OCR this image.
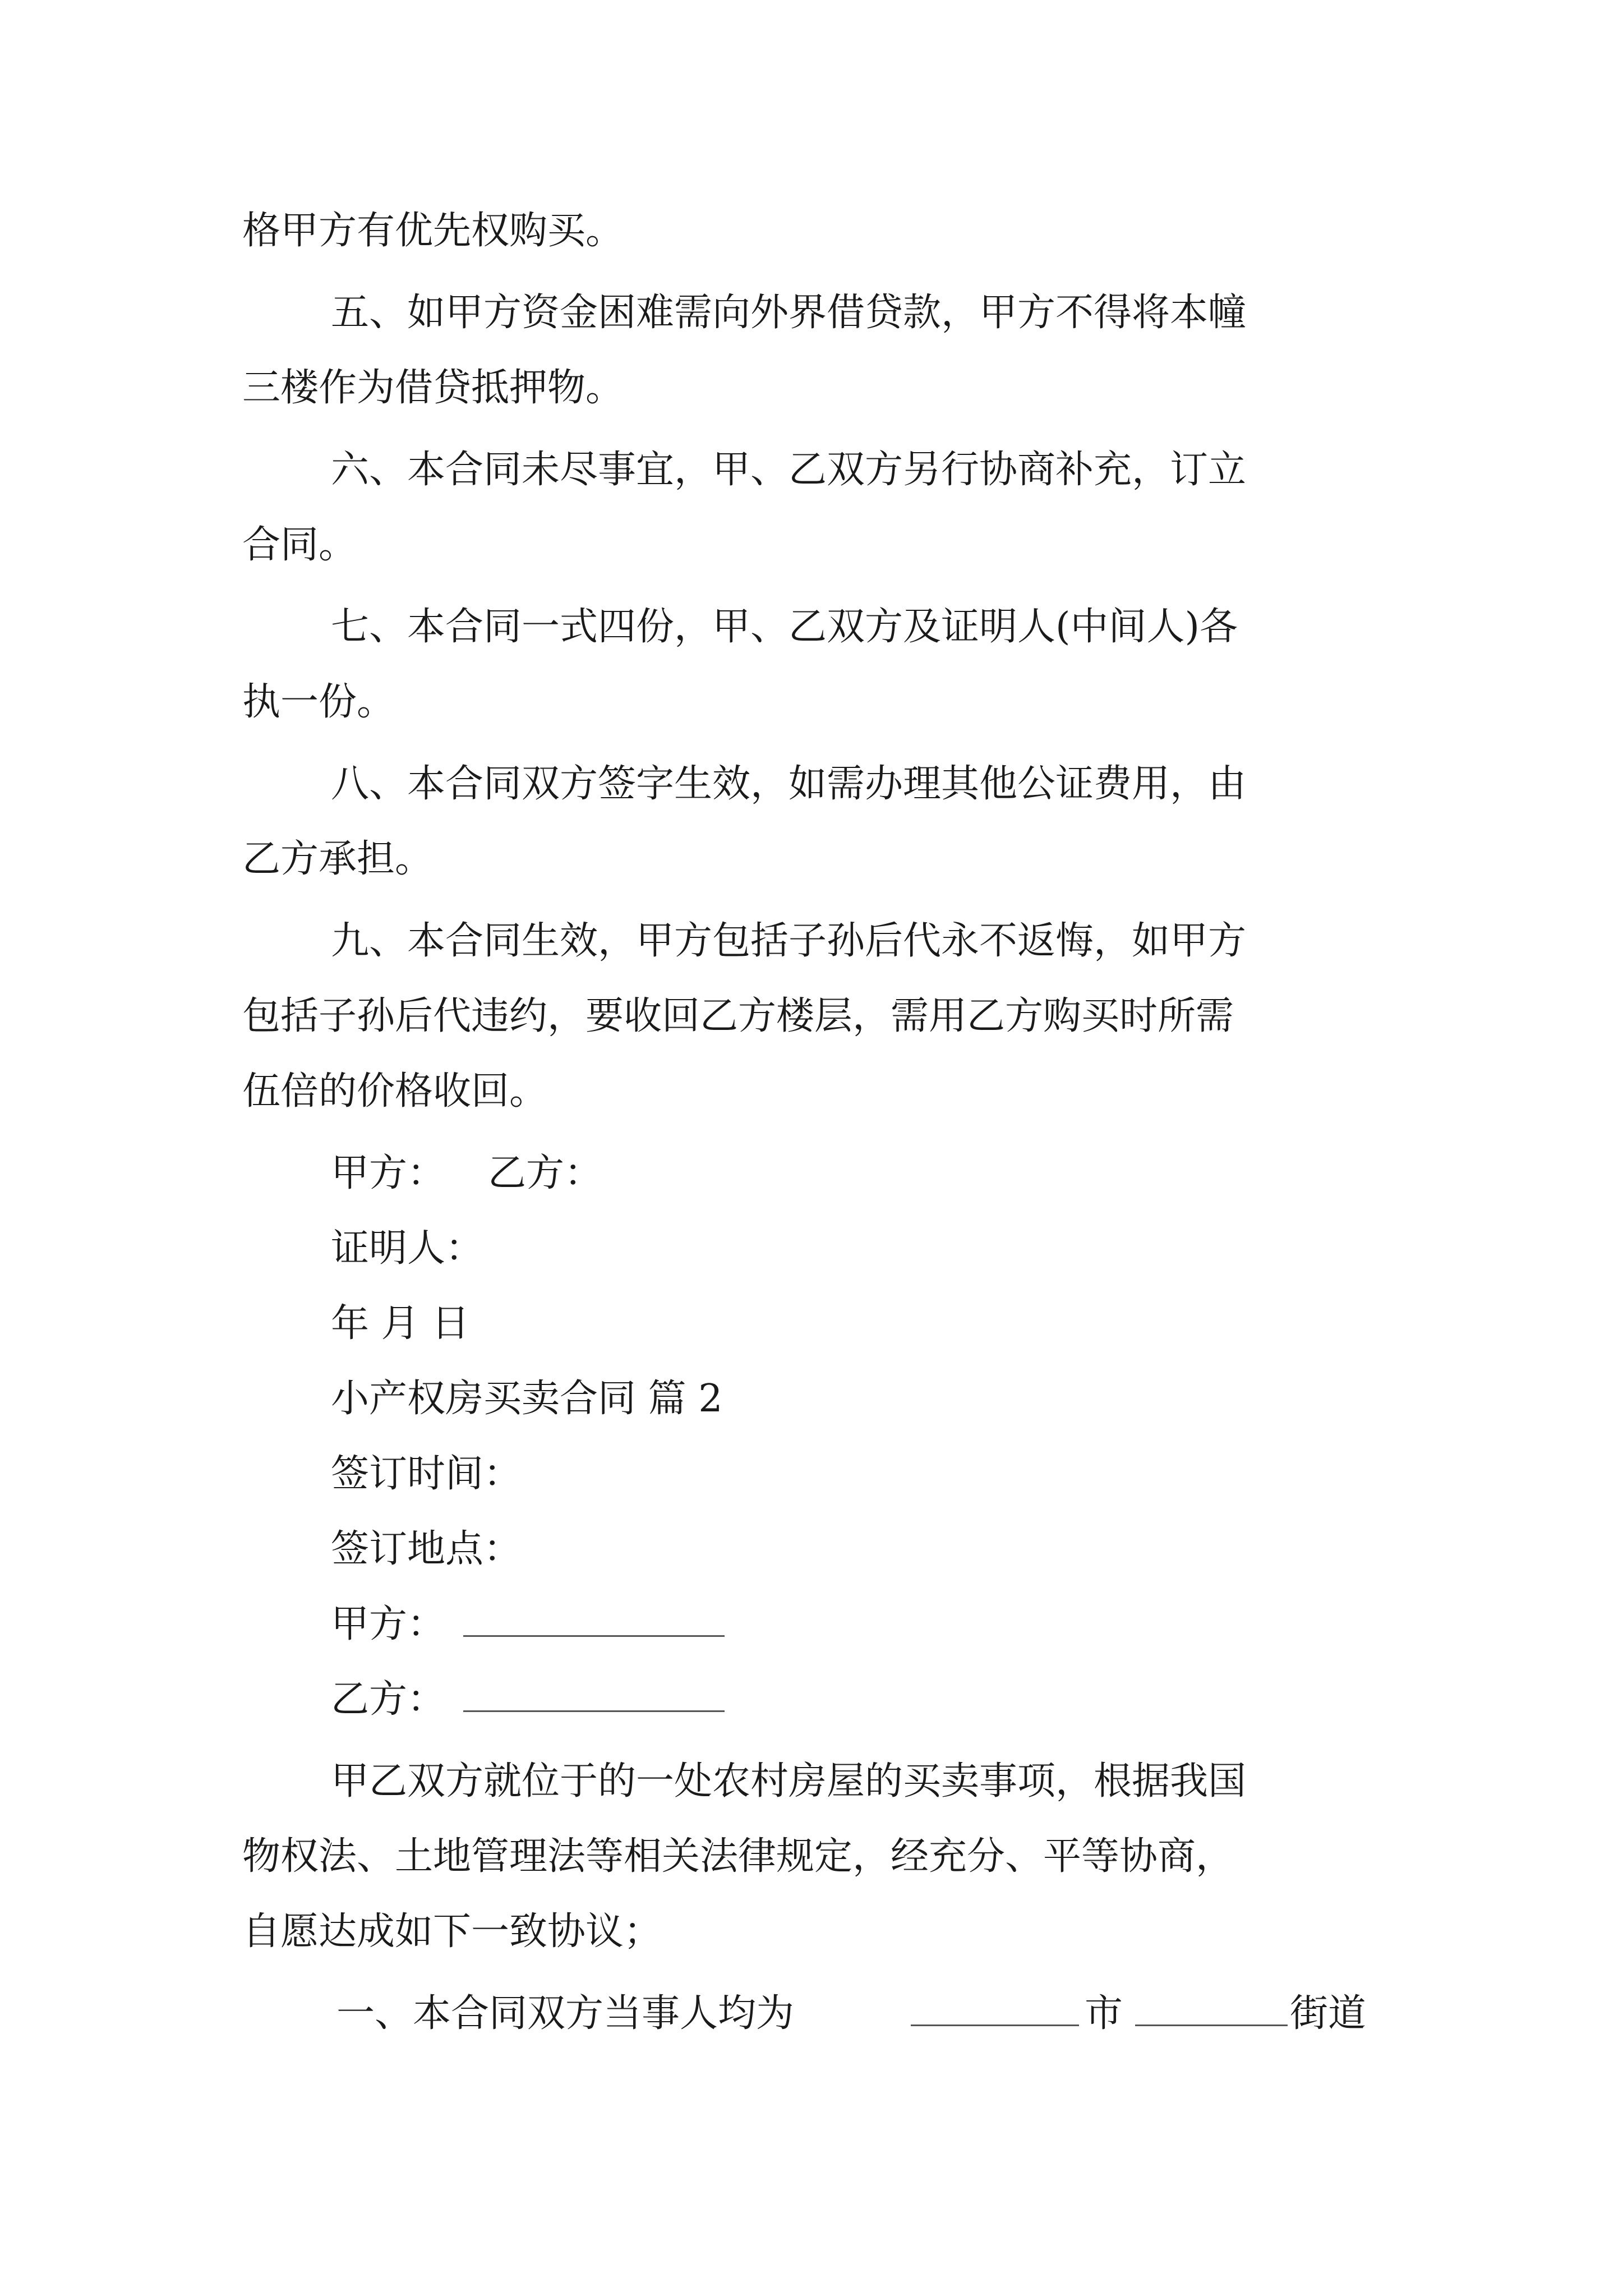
格甲方有优先权购买。
五、如甲方资金困难需向外界借贷款，甲方不得将本幢
三楼作为借贷抵押物。
六、本合同未尽事宜，甲、乙双方另行协商补充，订立
合同。
七、本合同一式四份，甲、乙双方及证明人(中间人)各
执一份。
八、本合同双方签字生效，如需办理其他公证费用，由
乙方承担。
九、本合同生效，甲方包括子孙后代永不返悔，如甲方
包括子孙后代违约，要收回乙方楼层，需用乙方购买时所需
伍倍的价格收回。
甲方： 乙方：
证明人：
年 月 日
小产权房买卖合同 篇 2
签订时间：
签订地点：
甲方：
乙方：
甲乙双方就位于的一处农村房屋的买卖事项，根据我国
物权法、土地管理法等相关法律规定，经充分、平等协商，
自愿达成如下一致协议；
一、本合同双方当事人均为	市	街道
